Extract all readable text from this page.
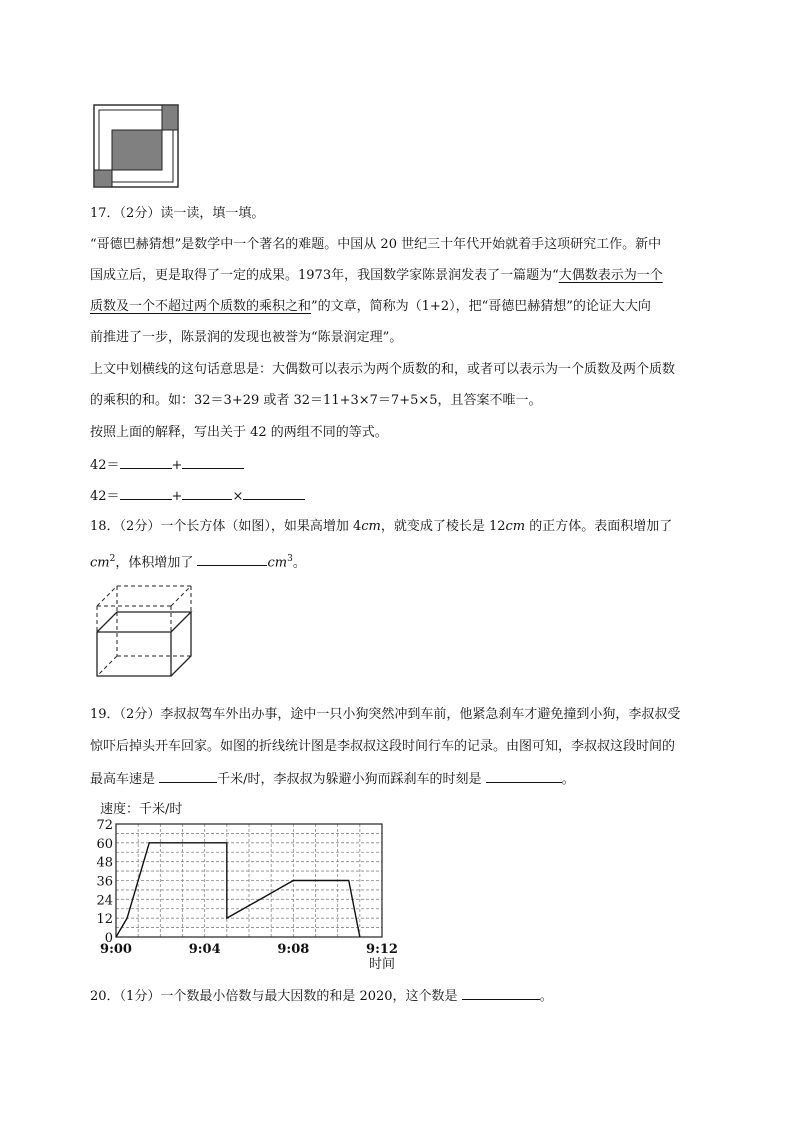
17．（2分）读一读，填一填。
“哥德巴赫猜想”是数学中一个著名的难题。中国从 20 世纪三十年代开始就着手这项研究工作。新中
国成立后，更是取得了一定的成果。1973年，我国数学家陈景润发表了一篇题为“大偶数表示为一个
质数及一个不超过两个质数的乘积之和”的文章，简称为（1+2），把“哥德巴赫猜想”的论证大大向
前推进了一步，陈景润的发现也被誉为“陈景润定理”。
上文中划横线的这句话意思是：大偶数可以表示为两个质数的和，或者可以表示为一个质数及两个质数
的乘积的和。如：32＝3+29 或者 32＝11+3×7＝7+5×5，且答案不唯一。
按照上面的解释，写出关于 42 的两组不同的等式。
42＝	+
42＝	+	×
18．（2分）一个长方体（如图），如果高增加 4cm，就变成了棱长是 12cm 的正方体。表面积增加了
$cm^2$，体积增加了	$cm^3$。
19．（2分）李叔叔驾车外出办事，途中一只小狗突然冲到车前，他紧急刹车才避免撞到小狗，李叔叔受
惊吓后掉头开车回家。如图的折线统计图是李叔叔这段时间行车的记录。由图可知，李叔叔这段时间的
最高车速是	千米/时，李叔叔为躲避小狗而踩刹车的时刻是	。
速度：千米/时
0
12
24
36
48
60
72
9:00	9:04	9:08	9:12
时间
20．（1分）一个数最小倍数与最大因数的和是 2020，这个数是	。
